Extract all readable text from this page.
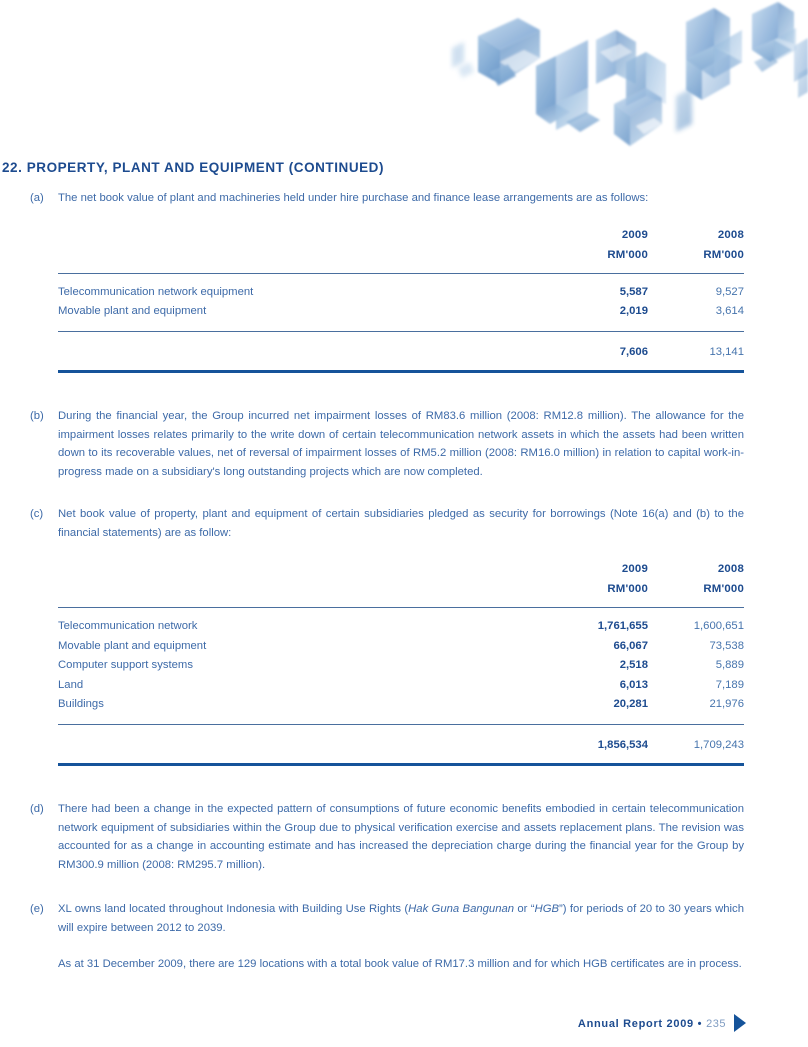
22. PROPERTY, PLANT AND EQUIPMENT (CONTINUED)
(a) The net book value of plant and machineries held under hire purchase and finance lease arrangements are as follows:

	2009	2008
	RM'000	RM'000

Telecommunication network equipment	5,587	9,527
Movable plant and equipment	2,019	3,614

	7,606	13,141

(b) During the financial year, the Group incurred net impairment losses of RM83.6 million (2008: RM12.8 million). The allowance for the impairment losses relates primarily to the write down of certain telecommunication network assets in which the assets had been written down to its recoverable values, net of reversal of impairment losses of RM5.2 million (2008: RM16.0 million) in relation to capital work-in-progress made on a subsidiary's long outstanding projects which are now completed.

(c) Net book value of property, plant and equipment of certain subsidiaries pledged as security for borrowings (Note 16(a) and (b) to the financial statements) are as follow:

	2009	2008
	RM'000	RM'000

Telecommunication network	1,761,655	1,600,651
Movable plant and equipment	66,067	73,538
Computer support systems	2,518	5,889
Land	6,013	7,189
Buildings	20,281	21,976

	1,856,534	1,709,243

(d) There had been a change in the expected pattern of consumptions of future economic benefits embodied in certain telecommunication network equipment of subsidiaries within the Group due to physical verification exercise and assets replacement plans. The revision was accounted for as a change in accounting estimate and has increased the depreciation charge during the financial year for the Group by RM300.9 million (2008: RM295.7 million).

(e) XL owns land located throughout Indonesia with Building Use Rights (Hak Guna Bangunan or “HGB”) for periods of 20 to 30 years which will expire between 2012 to 2039.

As at 31 December 2009, there are 129 locations with a total book value of RM17.3 million and for which HGB certificates are in process.

Annual Report 2009 • 235
